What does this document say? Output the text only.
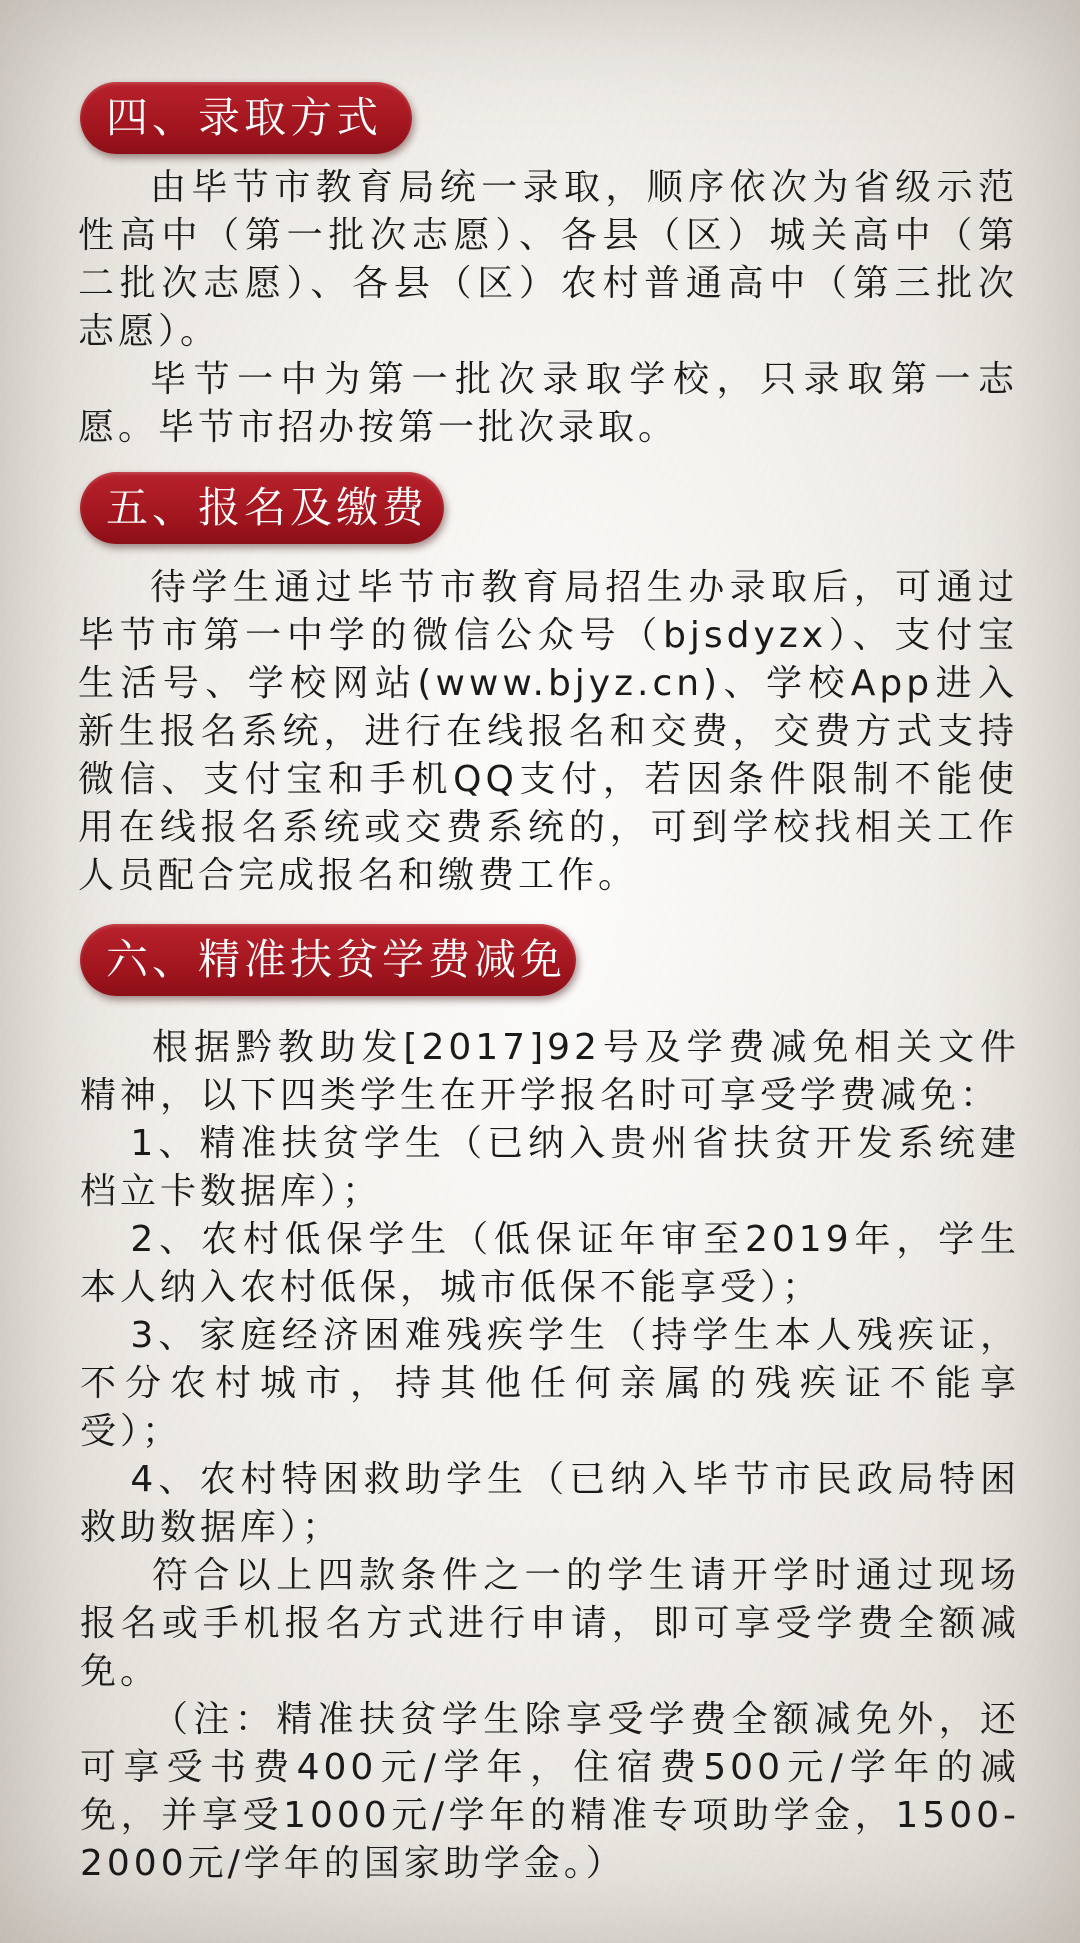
四、录取方式

由毕节市教育局统一录取，顺序依次为省级示范性高中（第一批次志愿）、各县（区）城关高中（第二批次志愿）、各县（区）农村普通高中（第三批次志愿）。

毕节一中为第一批次录取学校，只录取第一志愿。毕节市招办按第一批次录取。

五、报名及缴费

待学生通过毕节市教育局招生办录取后，可通过毕节市第一中学的微信公众号（bjsdyzx）、支付宝生活号、学校网站(www.bjyz.cn)、学校App进入新生报名系统，进行在线报名和交费，交费方式支持微信、支付宝和手机QQ支付，若因条件限制不能使用在线报名系统或交费系统的，可到学校找相关工作人员配合完成报名和缴费工作。

六、精准扶贫学费减免

根据黔教助发[2017]92号及学费减免相关文件精神，以下四类学生在开学报名时可享受学费减免：

1、精准扶贫学生（已纳入贵州省扶贫开发系统建档立卡数据库）；

2、农村低保学生（低保证年审至2019年，学生本人纳入农村低保，城市低保不能享受）；

3、家庭经济困难残疾学生（持学生本人残疾证，不分农村城市，持其他任何亲属的残疾证不能享受）；

4、农村特困救助学生（已纳入毕节市民政局特困救助数据库）；

符合以上四款条件之一的学生请开学时通过现场报名或手机报名方式进行申请，即可享受学费全额减免。

（注：精准扶贫学生除享受学费全额减免外，还可享受书费400元/学年，住宿费500元/学年的减免，并享受1000元/学年的精准专项助学金，1500-2000元/学年的国家助学金。）
